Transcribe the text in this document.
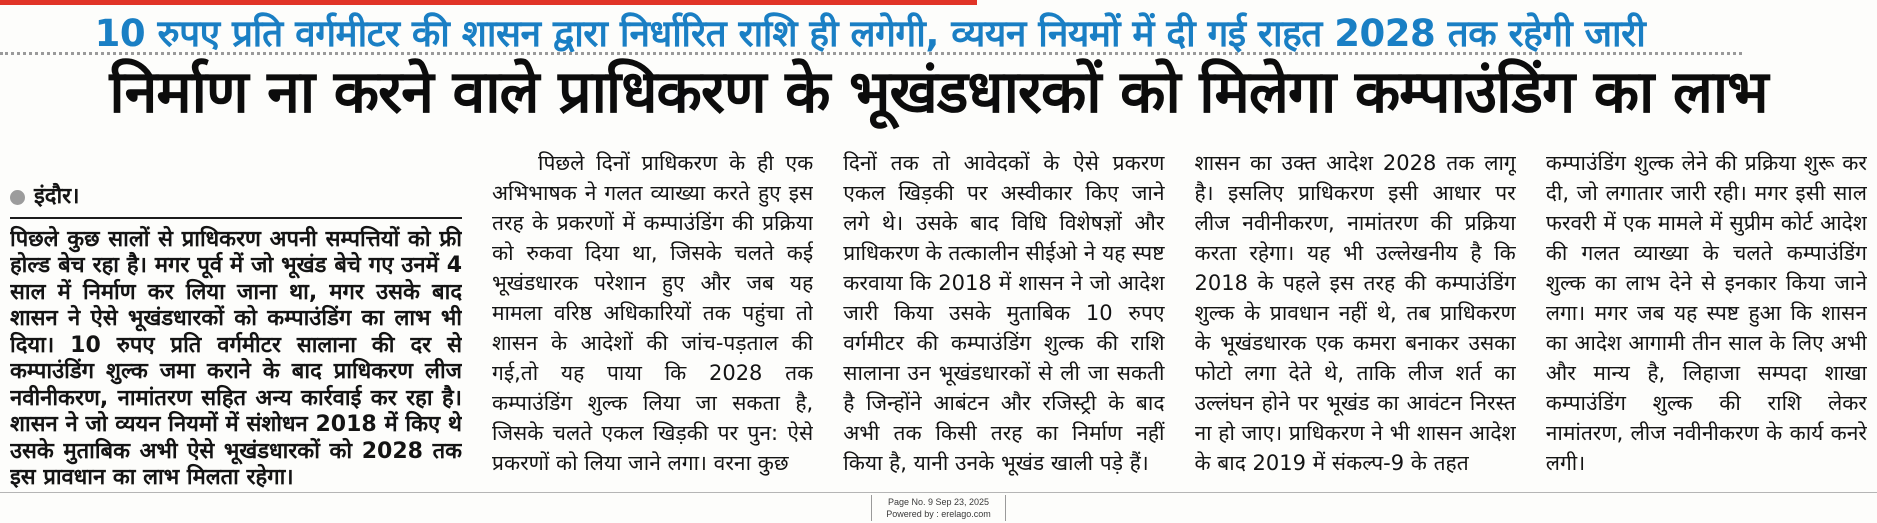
10 रुपए प्रति वर्गमीटर की शासन द्वारा निर्धारित राशि ही लगेगी, व्ययन नियमों में दी गई राहत 2028 तक रहेगी जारी
निर्माण ना करने वाले प्राधिकरण के भूखंडधारकों को मिलेगा कम्पाउंडिंग का लाभ
इंदौर।

पिछले कुछ सालों से प्राधिकरण अपनी सम्पत्तियों को फ्री होल्ड बेच रहा है। मगर पूर्व में जो भूखंड बेचे गए उनमें 4 साल में निर्माण कर लिया जाना था, मगर उसके बाद शासन ने ऐसे भूखंडधारकों को कम्पाउंडिंग का लाभ भी दिया। 10 रुपए प्रति वर्गमीटर सालाना की दर से कम्पाउंडिंग शुल्क जमा कराने के बाद प्राधिकरण लीज नवीनीकरण, नामांतरण सहित अन्य कार्रवाई कर रहा है। शासन ने जो व्ययन नियमों में संशोधन 2018 में किए थे उसके मुताबिक अभी ऐसे भूखंडधारकों को 2028 तक इस प्रावधान का लाभ मिलता रहेगा।

पिछले दिनों प्राधिकरण के ही एक अभिभाषक ने गलत व्याख्या करते हुए इस तरह के प्रकरणों में कम्पाउंडिंग की प्रक्रिया को रुकवा दिया था, जिसके चलते कई भूखंडधारक परेशान हुए और जब यह मामला वरिष्ठ अधिकारियों तक पहुंचा तो शासन के आदेशों की जांच-पड़ताल की गई,तो यह पाया कि 2028 तक कम्पाउंडिंग शुल्क लिया जा सकता है, जिसके चलते एकल खिड़की पर पुन: ऐसे प्रकरणों को लिया जाने लगा। वरना कुछ

दिनों तक तो आवेदकों के ऐसे प्रकरण एकल खिड़की पर अस्वीकार किए जाने लगे थे। उसके बाद विधि विशेषज्ञों और प्राधिकरण के तत्कालीन सीईओ ने यह स्पष्ट करवाया कि 2018 में शासन ने जो आदेश जारी किया उसके मुताबिक 10 रुपए वर्गमीटर की कम्पाउंडिंग शुल्क की राशि सालाना उन भूखंडधारकों से ली जा सकती है जिन्होंने आबंटन और रजिस्ट्री के बाद अभी तक किसी तरह का निर्माण नहीं किया है, यानी उनके भूखंड खाली पड़े हैं।

शासन का उक्त आदेश 2028 तक लागू है। इसलिए प्राधिकरण इसी आधार पर लीज नवीनीकरण, नामांतरण की प्रक्रिया करता रहेगा। यह भी उल्लेखनीय है कि 2018 के पहले इस तरह की कम्पाउंडिंग शुल्क के प्रावधान नहीं थे, तब प्राधिकरण के भूखंडधारक एक कमरा बनाकर उसका फोटो लगा देते थे, ताकि लीज शर्त का उल्लंघन होने पर भूखंड का आवंटन निरस्त ना हो जाए। प्राधिकरण ने भी शासन आदेश के बाद 2019 में संकल्प-9 के तहत

कम्पाउंडिंग शुल्क लेने की प्रक्रिया शुरू कर दी, जो लगातार जारी रही। मगर इसी साल फरवरी में एक मामले में सुप्रीम कोर्ट आदेश की गलत व्याख्या के चलते कम्पाउंडिंग शुल्क का लाभ देने से इनकार किया जाने लगा। मगर जब यह स्पष्ट हुआ कि शासन का आदेश आगामी तीन साल के लिए अभी और मान्य है, लिहाजा सम्पदा शाखा कम्पाउंडिंग शुल्क की राशि लेकर नामांतरण, लीज नवीनीकरण के कार्य कनरे लगी।

Page No. 9 Sep 23, 2025
Powered by : erelago.com
